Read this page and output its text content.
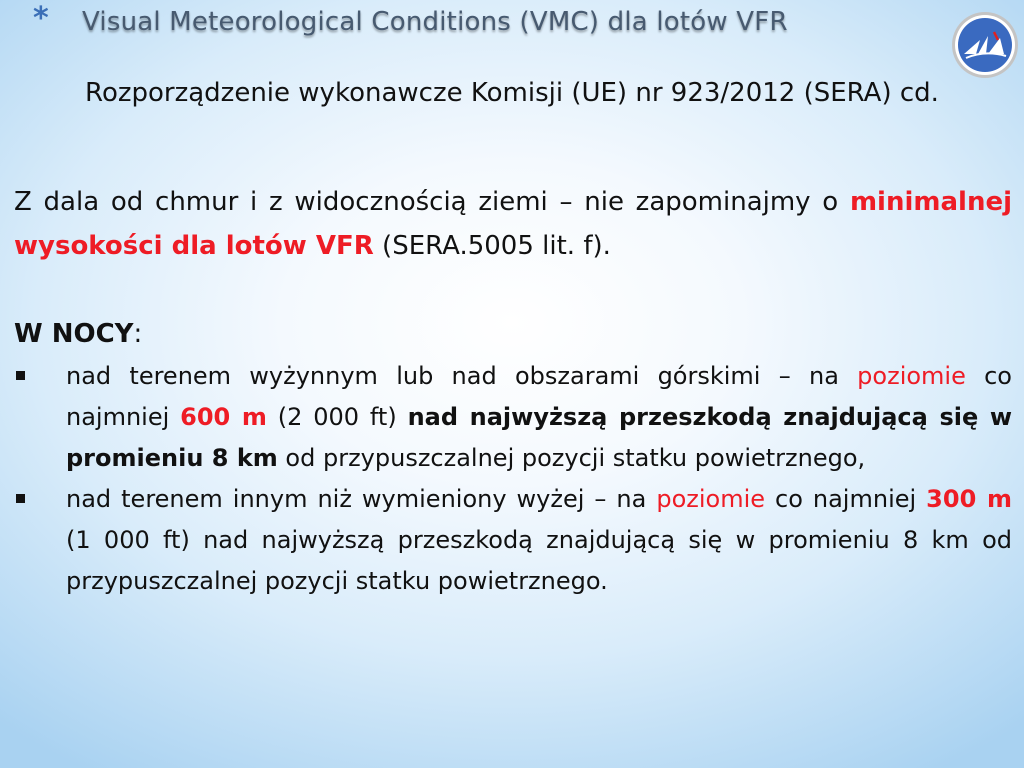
* Visual Meteorological Conditions (VMC) dla lotów VFR
Rozporządzenie wykonawcze Komisji (UE) nr 923/2012 (SERA) cd.

Z dala od chmur i z widocznością ziemi – nie zapominajmy o minimalnej wysokości dla lotów VFR (SERA.5005 lit. f).

W NOCY:

nad terenem wyżynnym lub nad obszarami górskimi – na poziomie co najmniej 600 m (2 000 ft) nad najwyższą przeszkodą znajdującą się w promieniu 8 km od przypuszczalnej pozycji statku powietrznego,
nad terenem innym niż wymieniony wyżej – na poziomie co najmniej 300 m (1 000 ft) nad najwyższą przeszkodą znajdującą się w promieniu 8 km od przypuszczalnej pozycji statku powietrznego.
